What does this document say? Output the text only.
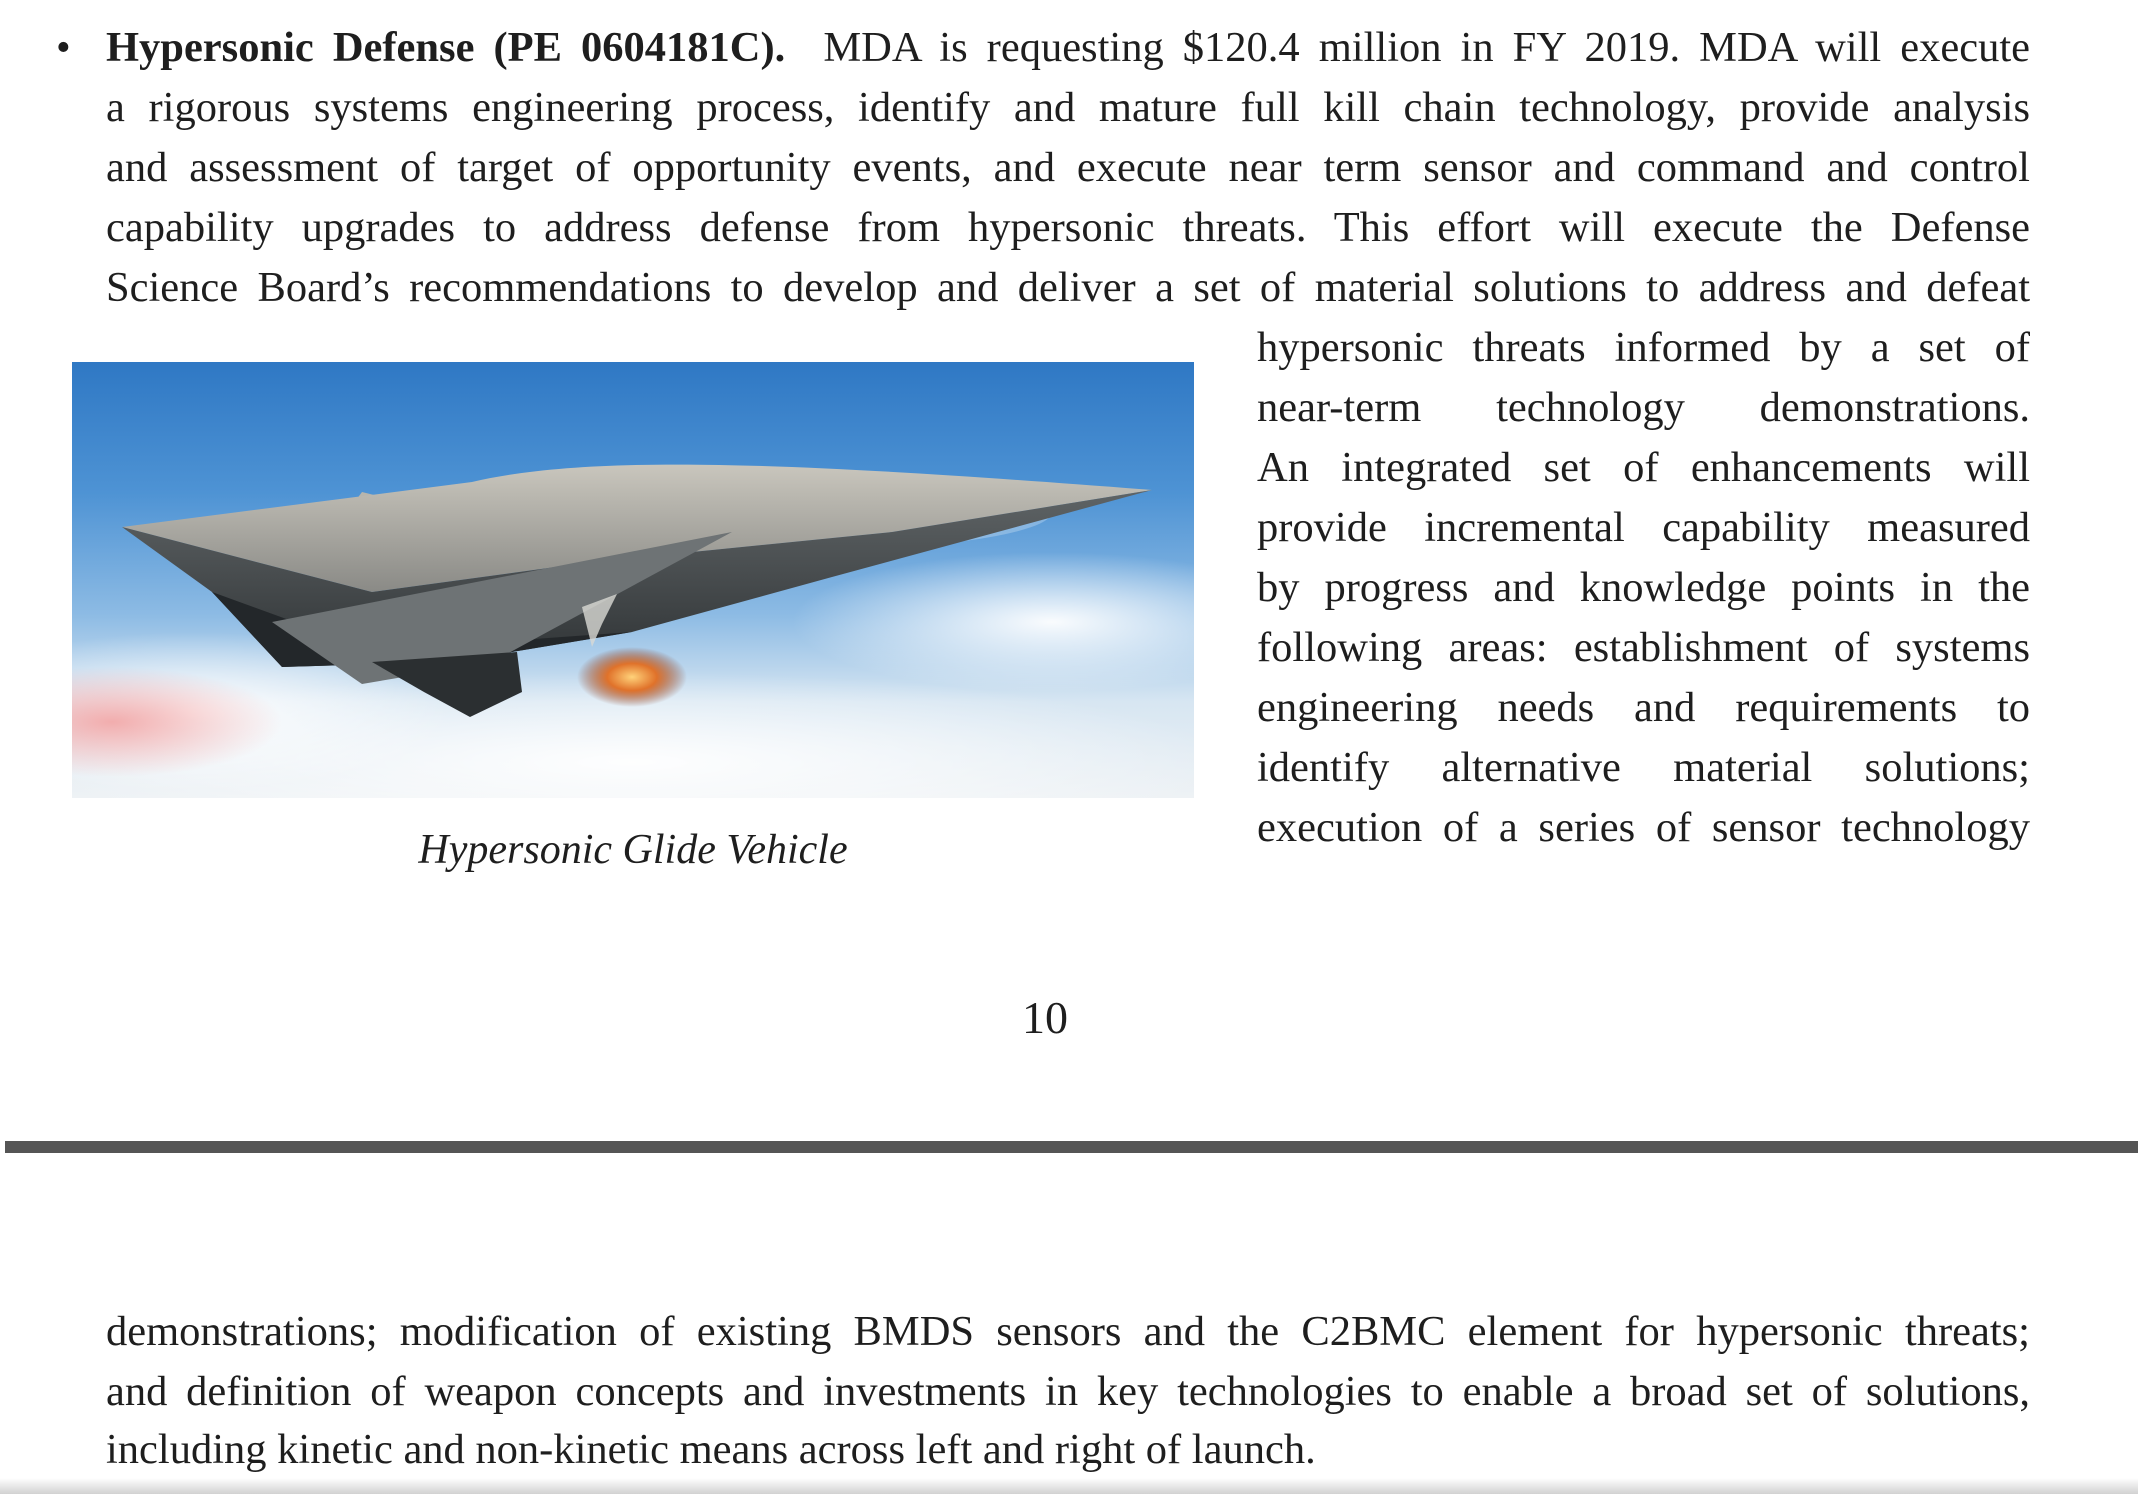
• Hypersonic Defense (PE 0604181C). MDA is requesting $120.4 million in FY 2019. MDA will execute
a rigorous systems engineering process, identify and mature full kill chain technology, provide analysis
and assessment of target of opportunity events, and execute near term sensor and command and control
capability upgrades to address defense from hypersonic threats. This effort will execute the Defense
Science Board’s recommendations to develop and deliver a set of material solutions to address and defeat
hypersonic threats informed by a set of
near-term technology demonstrations.
An integrated set of enhancements will
provide incremental capability measured
by progress and knowledge points in the
following areas: establishment of systems
engineering needs and requirements to
identify alternative material solutions;
execution of a series of sensor technology
Hypersonic Glide Vehicle
10
demonstrations; modification of existing BMDS sensors and the C2BMC element for hypersonic threats;
and definition of weapon concepts and investments in key technologies to enable a broad set of solutions,
including kinetic and non-kinetic means across left and right of launch.
